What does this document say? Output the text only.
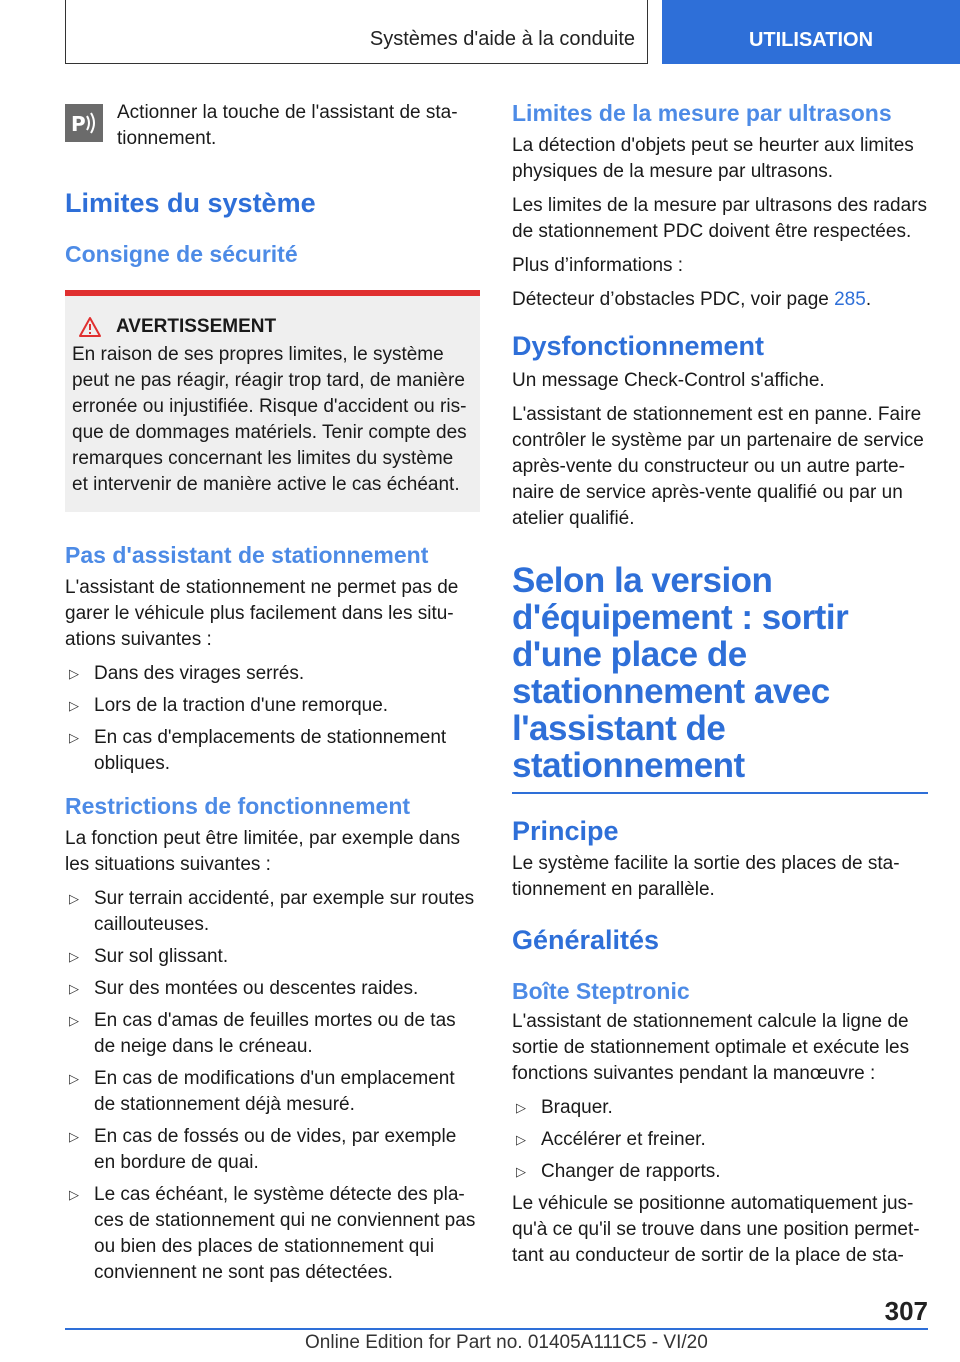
Systèmes d'aide à la conduite	UTILISATION
P Actionner la touche de l'assistant de sta-tionnement.

Limites du système
Consigne de sécurité
AVERTISSEMENT

En raison de ses propres limites, le système peut ne pas réagir, réagir trop tard, de manière erronée ou injustifiée. Risque d'accident ou ris-que de dommages matériels. Tenir compte des remarques concernant les limites du système et intervenir de manière active le cas échéant.

Pas d'assistant de stationnement

L'assistant de stationnement ne permet pas de garer le véhicule plus facilement dans les situ-ations suivantes :

▷ Dans des virages serrés.
▷ Lors de la traction d'une remorque.
▷ En cas d'emplacements de stationnement obliques.
Restrictions de fonctionnement

La fonction peut être limitée, par exemple dans les situations suivantes :

▷ Sur terrain accidenté, par exemple sur routes caillouteuses.
▷ Sur sol glissant.
▷ Sur des montées ou descentes raides.
▷ En cas d'amas de feuilles mortes ou de tas de neige dans le créneau.
▷ En cas de modifications d'un emplacement de stationnement déjà mesuré.
▷ En cas de fossés ou de vides, par exemple en bordure de quai.
▷ Le cas échéant, le système détecte des pla-ces de stationnement qui ne conviennent pas ou bien des places de stationnement qui conviennent ne sont pas détectées.
Limites de la mesure par ultrasons

La détection d'objets peut se heurter aux limites physiques de la mesure par ultrasons.

Les limites de la mesure par ultrasons des radars de stationnement PDC doivent être respectées.

Plus d’informations :

Détecteur d’obstacles PDC, voir page 285.

Dysfonctionnement

Un message Check-Control s'affiche.

L'assistant de stationnement est en panne. Faire contrôler le système par un partenaire de service après-vente du constructeur ou un autre parte-naire de service après-vente qualifié ou par un atelier qualifié.

Selon la version d'équipement : sortir d'une place de stationnement avec l'assistant de stationnement
Principe

Le système facilite la sortie des places de sta-tionnement en parallèle.

Généralités
Boîte Steptronic

L'assistant de stationnement calcule la ligne de sortie de stationnement optimale et exécute les fonctions suivantes pendant la manœuvre :

▷ Braquer.
▷ Accélérer et freiner.
▷ Changer de rapports.

Le véhicule se positionne automatiquement jus-qu'à ce qu'il se trouve dans une position permet-tant au conducteur de sortir de la place de sta-

307
Online Edition for Part no. 01405A111C5 - VI/20
